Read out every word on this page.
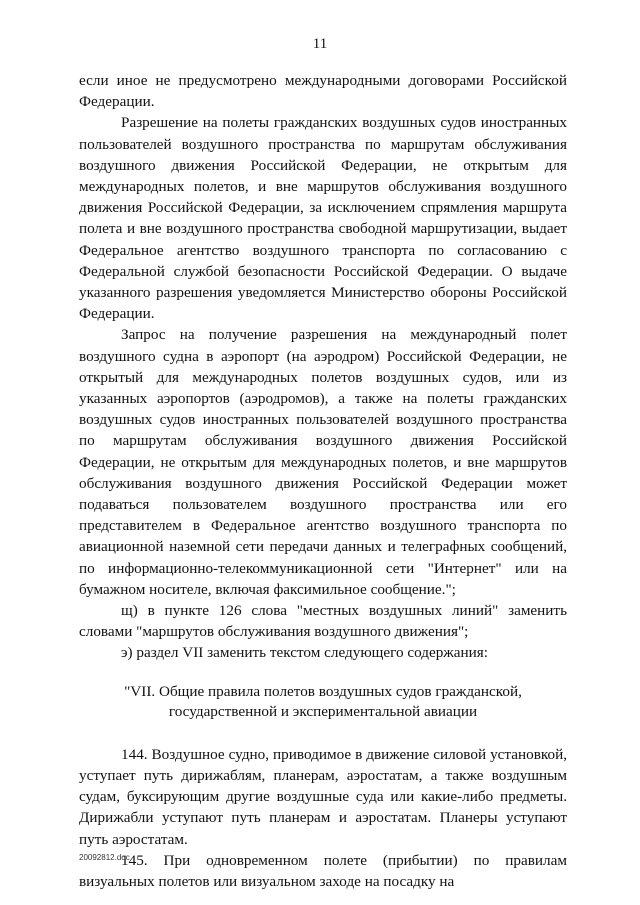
11

если иное не предусмотрено международными договорами Российской Федерации.

Разрешение на полеты гражданских воздушных судов иностранных пользователей воздушного пространства по маршрутам обслуживания воздушного движения Российской Федерации, не открытым для международных полетов, и вне маршрутов обслуживания воздушного движения Российской Федерации, за исключением спрямления маршрута полета и вне воздушного пространства свободной маршрутизации, выдает Федеральное агентство воздушного транспорта по согласованию с Федеральной службой безопасности Российской Федерации. О выдаче указанного разрешения уведомляется Министерство обороны Российской Федерации.

Запрос на получение разрешения на международный полет воздушного судна в аэропорт (на аэродром) Российской Федерации, не открытый для международных полетов воздушных судов, или из указанных аэропортов (аэродромов), а также на полеты гражданских воздушных судов иностранных пользователей воздушного пространства по маршрутам обслуживания воздушного движения Российской Федерации, не открытым для международных полетов, и вне маршрутов обслуживания воздушного движения Российской Федерации может подаваться пользователем воздушного пространства или его представителем в Федеральное агентство воздушного транспорта по авиационной наземной сети передачи данных и телеграфных сообщений, по информационно-телекоммуникационной сети "Интернет" или на бумажном носителе, включая факсимильное сообщение.";

щ) в пункте 126 слова "местных воздушных линий" заменить словами "маршрутов обслуживания воздушного движения";

э) раздел VII заменить текстом следующего содержания:

"VII. Общие правила полетов воздушных судов гражданской,
государственной и экспериментальной авиации

144. Воздушное судно, приводимое в движение силовой установкой, уступает путь дирижаблям, планерам, аэростатам, а также воздушным судам, буксирующим другие воздушные суда или какие-либо предметы. Дирижабли уступают путь планерам и аэростатам. Планеры уступают путь аэростатам.

145. При одновременном полете (прибытии) по правилам визуальных полетов или визуальном заходе на посадку на

20092812.doc
